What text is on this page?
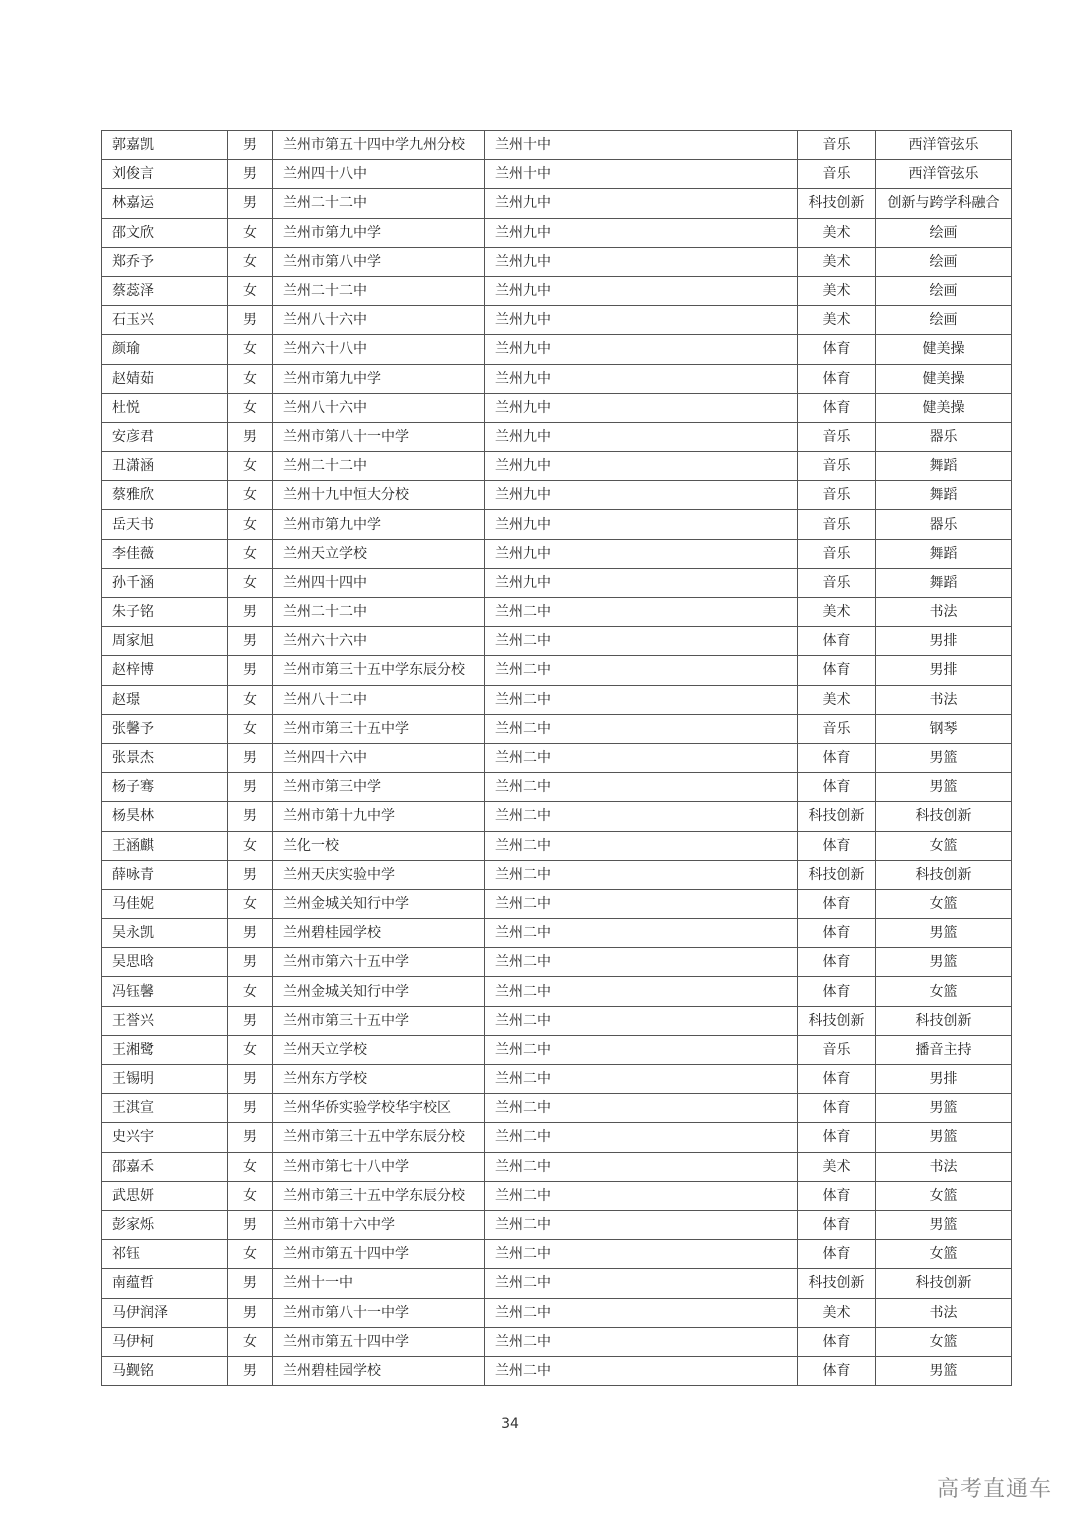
郭嘉凯	男	兰州市第五十四中学九州分校	兰州十中	音乐	西洋管弦乐
刘俊言	男	兰州四十八中	兰州十中	音乐	西洋管弦乐
林嘉运	男	兰州二十二中	兰州九中	科技创新	创新与跨学科融合
邵文欣	女	兰州市第九中学	兰州九中	美术	绘画
郑乔予	女	兰州市第八中学	兰州九中	美术	绘画
蔡蕊泽	女	兰州二十二中	兰州九中	美术	绘画
石玉兴	男	兰州八十六中	兰州九中	美术	绘画
颜瑜	女	兰州六十八中	兰州九中	体育	健美操
赵婧茹	女	兰州市第九中学	兰州九中	体育	健美操
杜悦	女	兰州八十六中	兰州九中	体育	健美操
安彦君	男	兰州市第八十一中学	兰州九中	音乐	器乐
丑潇涵	女	兰州二十二中	兰州九中	音乐	舞蹈
蔡雅欣	女	兰州十九中恒大分校	兰州九中	音乐	舞蹈
岳天书	女	兰州市第九中学	兰州九中	音乐	器乐
李佳薇	女	兰州天立学校	兰州九中	音乐	舞蹈
孙千涵	女	兰州四十四中	兰州九中	音乐	舞蹈
朱子铭	男	兰州二十二中	兰州二中	美术	书法
周家旭	男	兰州六十六中	兰州二中	体育	男排
赵梓博	男	兰州市第三十五中学东辰分校	兰州二中	体育	男排
赵璟	女	兰州八十二中	兰州二中	美术	书法
张馨予	女	兰州市第三十五中学	兰州二中	音乐	钢琴
张景杰	男	兰州四十六中	兰州二中	体育	男篮
杨子骞	男	兰州市第三中学	兰州二中	体育	男篮
杨昊林	男	兰州市第十九中学	兰州二中	科技创新	科技创新
王涵麒	女	兰化一校	兰州二中	体育	女篮
薛咏青	男	兰州天庆实验中学	兰州二中	科技创新	科技创新
马佳妮	女	兰州金城关知行中学	兰州二中	体育	女篮
吴永凯	男	兰州碧桂园学校	兰州二中	体育	男篮
吴思晗	男	兰州市第六十五中学	兰州二中	体育	男篮
冯钰馨	女	兰州金城关知行中学	兰州二中	体育	女篮
王誉兴	男	兰州市第三十五中学	兰州二中	科技创新	科技创新
王湘鹭	女	兰州天立学校	兰州二中	音乐	播音主持
王锡明	男	兰州东方学校	兰州二中	体育	男排
王淇宣	男	兰州华侨实验学校华宇校区	兰州二中	体育	男篮
史兴宇	男	兰州市第三十五中学东辰分校	兰州二中	体育	男篮
邵嘉禾	女	兰州市第七十八中学	兰州二中	美术	书法
武思妍	女	兰州市第三十五中学东辰分校	兰州二中	体育	女篮
彭家烁	男	兰州市第十六中学	兰州二中	体育	男篮
祁钰	女	兰州市第五十四中学	兰州二中	体育	女篮
南蕴哲	男	兰州十一中	兰州二中	科技创新	科技创新
马伊润泽	男	兰州市第八十一中学	兰州二中	美术	书法
马伊柯	女	兰州市第五十四中学	兰州二中	体育	女篮
马觐铭	男	兰州碧桂园学校	兰州二中	体育	男篮
34
高考直通车
